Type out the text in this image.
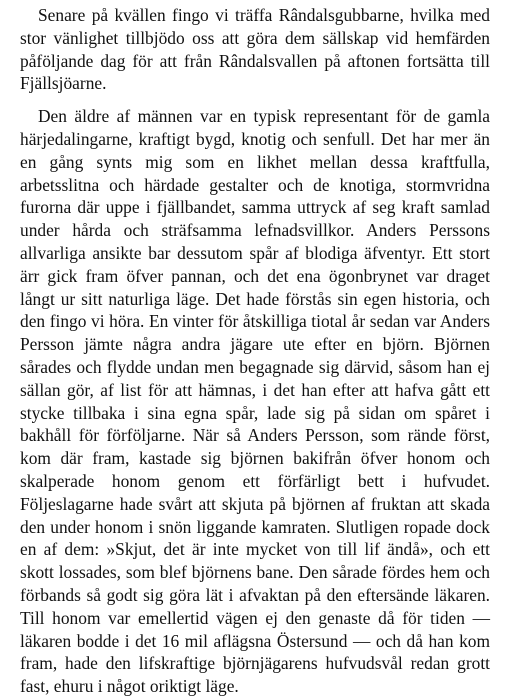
Senare på kvällen fingo vi träffa Rândalsgubbarne, hvilka med stor vänlighet tillbjödo oss att göra dem sällskap vid hemfärden påföljande dag för att från Rândalsvallen på aftonen fortsätta till Fjällsjöarne.

Den äldre af männen var en typisk representant för de gamla härjedalingarne, kraftigt bygd, knotig och senfull. Det har mer än en gång synts mig som en likhet mellan dessa kraftfulla, arbetsslitna och härdade gestalter och de knotiga, stormvridna furorna där uppe i fjällbandet, samma uttryck af seg kraft samlad under hårda och sträfsamma lefnadsvillkor. Anders Perssons allvarliga ansikte bar dessutom spår af blodiga äfventyr. Ett stort ärr gick fram öfver pannan, och det ena ögonbrynet var draget långt ur sitt naturliga läge. Det hade förstås sin egen historia, och den fingo vi höra. En vinter för åtskilliga tiotal år sedan var Anders Persson jämte några andra jägare ute efter en björn. Björnen sårades och flydde undan men begagnade sig därvid, såsom han ej sällan gör, af list för att hämnas, i det han efter att hafva gått ett stycke tillbaka i sina egna spår, lade sig på sidan om spåret i bakhåll för förföljarne. När så Anders Persson, som rände först, kom där fram, kastade sig björnen bakifrån öfver honom och skalperade honom genom ett förfärligt bett i hufvudet. Följeslagarne hade svårt att skjuta på björnen af fruktan att skada den under honom i snön liggande kamraten. Slutligen ropade dock en af dem: »Skjut, det är inte mycket von till lif ändå», och ett skott lossades, som blef björnens bane. Den sårade fördes hem och förbands så godt sig göra lät i afvaktan på den eftersände läkaren. Till honom var emellertid vägen ej den genaste då för tiden — läkaren bodde i det 16 mil aflägsna Östersund — och då han kom fram, hade den lifskraftige björnjägarens hufvudsvål redan grott fast, ehuru i något oriktigt läge.
